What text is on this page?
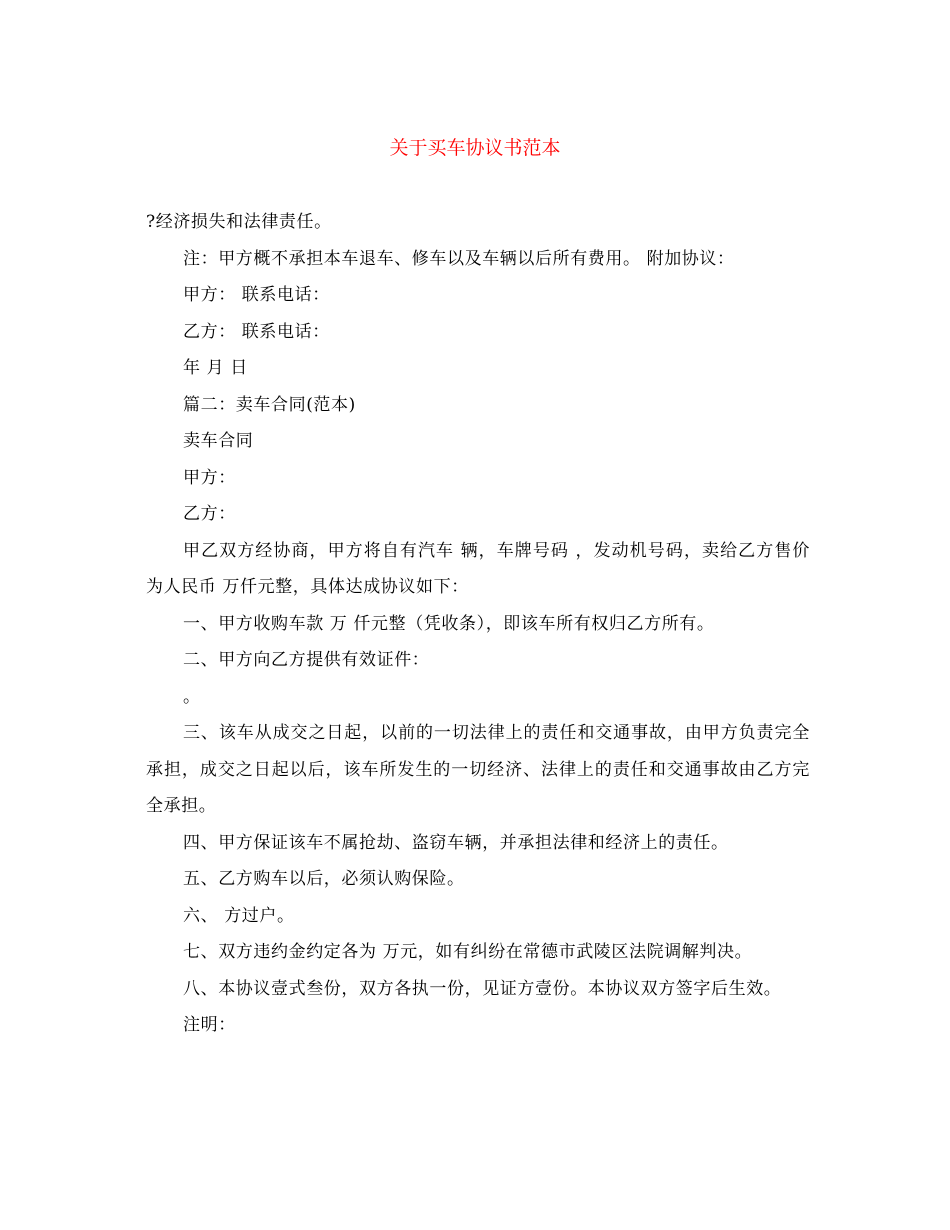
关于买车协议书范本

?经济损失和法律责任。

注：甲方概不承担本车退车、修车以及车辆以后所有费用。 附加协议：

甲方： 联系电话：

乙方： 联系电话：

年 月 日

篇二：卖车合同(范本)

卖车合同

甲方：

乙方：

甲乙双方经协商，甲方将自有汽车 辆，车牌号码 ，发动机号码，卖给乙方售价为人民币 万仟元整，具体达成协议如下：

一、甲方收购车款 万 仟元整（凭收条），即该车所有权归乙方所有。

二、甲方向乙方提供有效证件：

。

三、该车从成交之日起，以前的一切法律上的责任和交通事故，由甲方负责完全承担，成交之日起以后，该车所发生的一切经济、法律上的责任和交通事故由乙方完全承担。

四、甲方保证该车不属抢劫、盗窃车辆，并承担法律和经济上的责任。

五、乙方购车以后，必须认购保险。

六、 方过户。

七、双方违约金约定各为 万元，如有纠纷在常德市武陵区法院调解判决。

八、本协议壹式叁份，双方各执一份，见证方壹份。本协议双方签字后生效。

注明：
